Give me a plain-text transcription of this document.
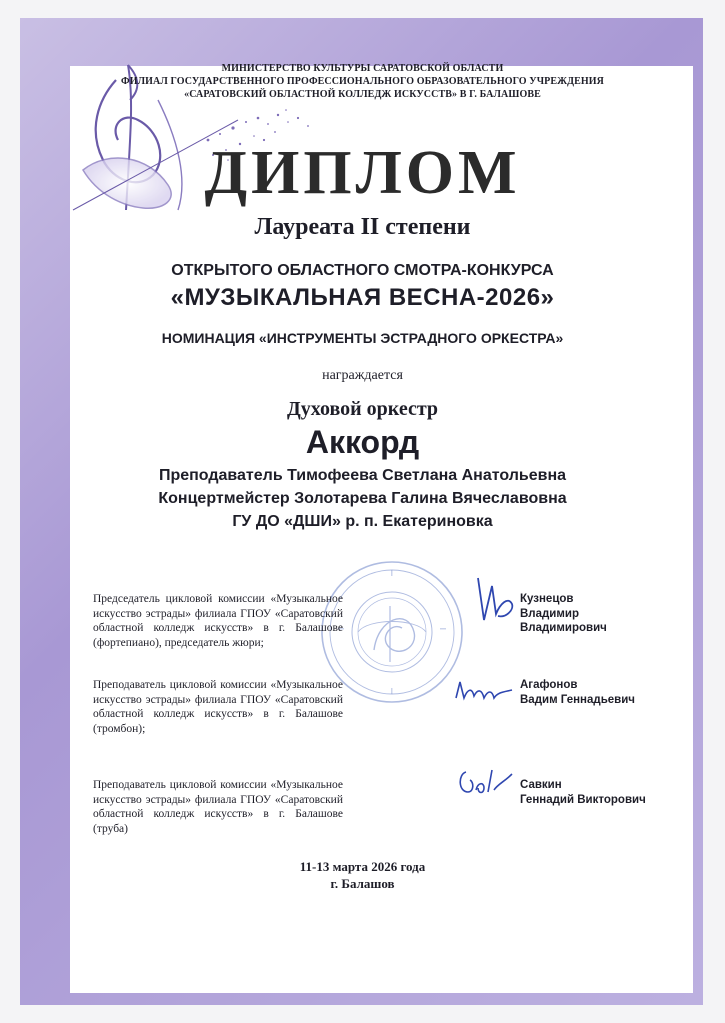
МИНИСТЕРСТВО КУЛЬТУРЫ САРАТОВСКОЙ ОБЛАСТИ
ФИЛИАЛ ГОСУДАРСТВЕННОГО ПРОФЕССИОНАЛЬНОГО ОБРАЗОВАТЕЛЬНОГО УЧРЕЖДЕНИЯ
«САРАТОВСКИЙ ОБЛАСТНОЙ КОЛЛЕДЖ ИСКУССТВ» В Г. БАЛАШОВЕ
ДИПЛОМ
Лауреата II степени
ОТКРЫТОГО ОБЛАСТНОГО СМОТРА-КОНКУРСА
«МУЗЫКАЛЬНАЯ ВЕСНА-2026»
НОМИНАЦИЯ «ИНСТРУМЕНТЫ ЭСТРАДНОГО ОРКЕСТРА»
награждается
Духовой оркестр
Аккорд
Преподаватель Тимофеева Светлана Анатольевна
Концертмейстер Золотарева Галина Вячеславовна
ГУ ДО «ДШИ» р. п. Екатериновка
Председатель цикловой комиссии «Музыкальное искусство эстрады» филиала ГПОУ «Саратовский областной колледж искусств» в г. Балашове (фортепиано), председатель жюри;
Кузнецов
Владимир
Владимирович
Преподаватель цикловой комиссии «Музыкальное искусство эстрады» филиала ГПОУ «Саратовский областной колледж искусств» в г. Балашове (тромбон);
Агафонов
Вадим Геннадьевич
Преподаватель цикловой комиссии «Музыкальное искусство эстрады» филиала ГПОУ «Саратовский областной колледж искусств» в г. Балашове (труба)
Савкин
Геннадий Викторович
11-13 марта 2026 года
г. Балашов
